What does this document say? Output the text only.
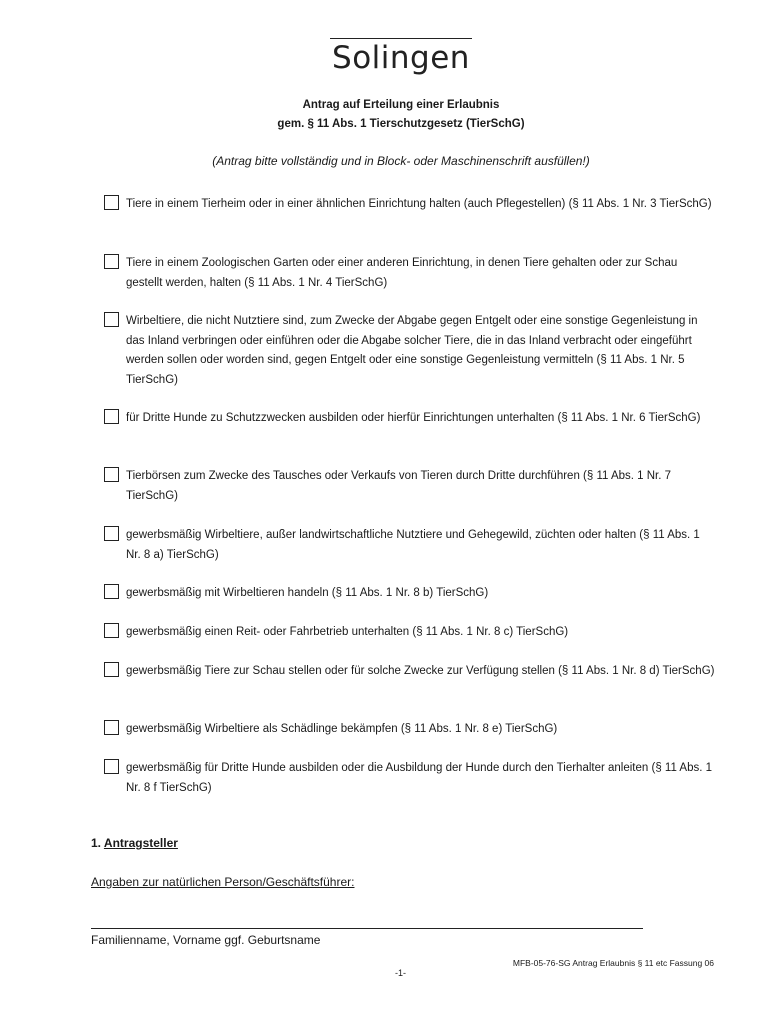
Solingen
Antrag auf Erteilung einer Erlaubnis
gem. § 11 Abs. 1 Tierschutzgesetz (TierSchG)
(Antrag bitte vollständig und in Block- oder Maschinenschrift ausfüllen!)
Tiere in einem Tierheim oder in einer ähnlichen Einrichtung halten (auch Pflegestellen) (§ 11 Abs. 1 Nr. 3 TierSchG)
Tiere in einem Zoologischen Garten oder einer anderen Einrichtung, in denen Tiere gehalten oder zur Schau gestellt werden, halten (§ 11 Abs. 1 Nr. 4 TierSchG)
Wirbeltiere, die nicht Nutztiere sind, zum Zwecke der Abgabe gegen Entgelt oder eine sonstige Gegenleistung in das Inland verbringen oder einführen oder die Abgabe solcher Tiere, die in das Inland verbracht oder eingeführt werden sollen oder worden sind, gegen Entgelt oder eine sonstige Gegenleistung vermitteln (§ 11 Abs. 1 Nr. 5 TierSchG)
für Dritte Hunde zu Schutzzwecken ausbilden oder hierfür Einrichtungen unterhalten (§ 11 Abs. 1 Nr. 6 TierSchG)
Tierbörsen zum Zwecke des Tausches oder Verkaufs von Tieren durch Dritte durchführen (§ 11 Abs. 1 Nr. 7 TierSchG)
gewerbsmäßig Wirbeltiere, außer landwirtschaftliche Nutztiere und Gehegewild, züchten oder halten (§ 11 Abs. 1 Nr. 8 a) TierSchG)
gewerbsmäßig mit Wirbeltieren handeln (§ 11 Abs. 1 Nr. 8 b) TierSchG)
gewerbsmäßig einen Reit- oder Fahrbetrieb unterhalten (§ 11 Abs. 1 Nr. 8 c) TierSchG)
gewerbsmäßig Tiere zur Schau stellen oder für solche Zwecke zur Verfügung stellen (§ 11 Abs. 1 Nr. 8 d) TierSchG)
gewerbsmäßig Wirbeltiere als Schädlinge bekämpfen (§ 11 Abs. 1 Nr. 8 e) TierSchG)
gewerbsmäßig für Dritte Hunde ausbilden oder die Ausbildung der Hunde durch den Tierhalter anleiten (§ 11 Abs. 1 Nr. 8 f TierSchG)
1. Antragsteller
Angaben zur natürlichen Person/Geschäftsführer:
Familienname, Vorname ggf. Geburtsname
MFB-05-76-SG Antrag Erlaubnis § 11 etc Fassung 06
-1-
